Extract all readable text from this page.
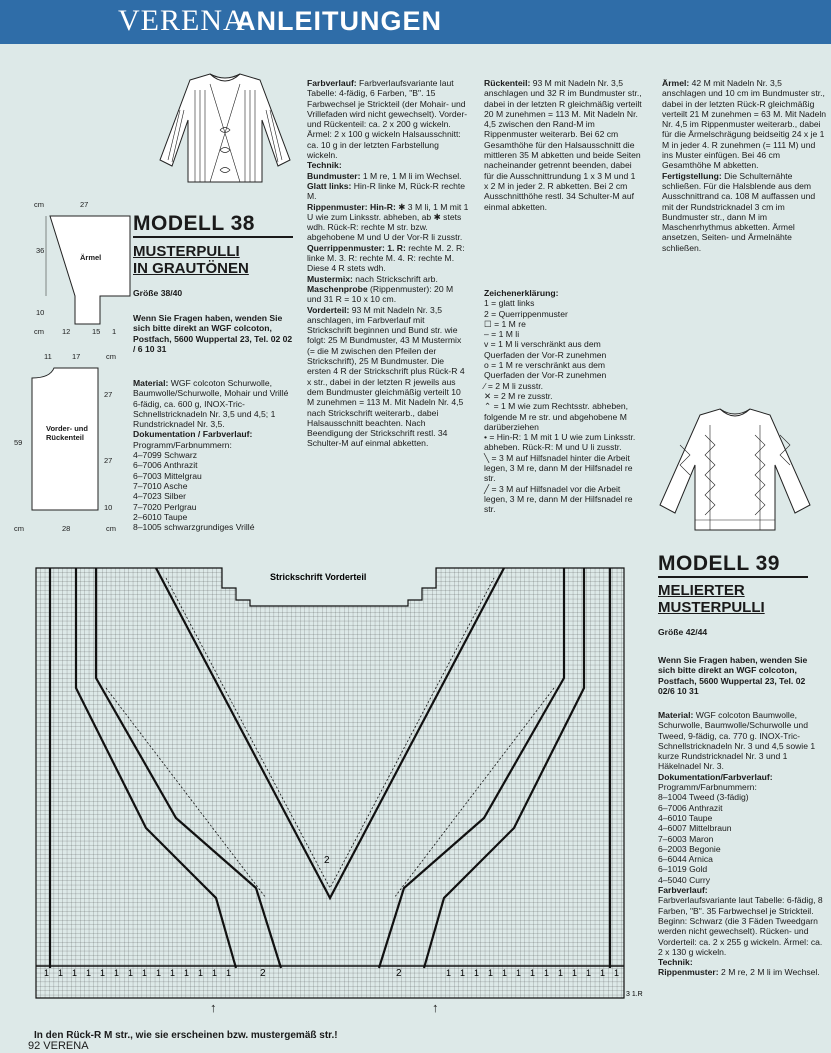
VERENA
ANLEITUNGEN
cm	27
36
Ärmel
10
cm 12	15 1
11	17	cm
27
59
Vorder- und Rückenteil
27
10
cm	28	cm
MODELL 38
MUSTERPULLI
IN GRAUTÖNEN
Größe 38/40
Wenn Sie Fragen haben, wenden Sie sich bitte direkt an WGF colcoton, Postfach, 5600 Wuppertal 23, Tel. 02 02 / 6 10 31

Material: WGF colcoton Schurwolle, Baumwolle/Schurwolle, Mohair und Vrillé 6-fädig, ca. 600 g, INOX-Tric-Schnellstricknadeln Nr. 3,5 und 4,5; 1 Rundstricknadel Nr. 3,5.

Dokumentation / Farbverlauf:

Programm/Farbnummern:

4–7099 Schwarz

6–7006 Anthrazit

6–7003 Mittelgrau

7–7010 Asche

4–7023 Silber

7–7020 Perlgrau

2–6010 Taupe

8–1005 schwarzgrundiges Vrillé

Farbverlauf: Farbverlaufsvariante laut Tabelle: 4-fädig, 6 Farben, "B". 15 Farbwechsel je Strickteil (der Mohair- und Vrillefaden wird nicht gewechselt). Vorder- und Rückenteil: ca. 2 x 200 g wickeln. Ärmel: 2 x 100 g wickeln Halsausschnitt: ca. 10 g in der letzten Farbstellung wickeln.

Technik:

Bundmuster: 1 M re, 1 M li im Wechsel.

Glatt links: Hin-R linke M, Rück-R rechte M.

Rippenmuster: Hin-R: ✱ 3 M li, 1 M mit 1 U wie zum Linksstr. abheben, ab ✱ stets wdh. Rück-R: rechte M str. bzw. abgehobene M und U der Vor-R li zusstr.

Querrippenmuster: 1. R: rechte M. 2. R: linke M. 3. R: rechte M. 4. R: rechte M. Diese 4 R stets wdh.

Mustermix: nach Strickschrift arb.

Maschenprobe (Rippenmuster): 20 M und 31 R = 10 x 10 cm.

Vorderteil: 93 M mit Nadeln Nr. 3,5 anschlagen, im Farbverlauf mit Strickschrift beginnen und Bund str. wie folgt: 25 M Bundmuster, 43 M Mustermix (= die M zwischen den Pfeilen der Strickschrift), 25 M Bundmuster. Die ersten 4 R der Strickschrift plus Rück-R 4 x str., dabei in der letzten R jeweils aus dem Bundmuster gleichmäßig verteilt 10 M zunehmen = 113 M. Mit Nadeln Nr. 4,5 nach Strickschrift weiterarb., dabei Halsausschnitt beachten. Nach Beendigung der Strickschrift restl. 34 Schulter-M auf einmal abketten.

Rückenteil: 93 M mit Nadeln Nr. 3,5 anschlagen und 32 R im Bundmuster str., dabei in der letzten R gleichmäßig verteilt 20 M zunehmen = 113 M. Mit Nadeln Nr. 4,5 zwischen den Rand-M im Rippenmuster weiterarb. Bei 62 cm Gesamthöhe für den Halsausschnitt die mittleren 35 M abketten und beide Seiten nacheinander getrennt beenden, dabei für die Ausschnittrundung 1 x 3 M und 1 x 2 M in jeder 2. R abketten. Bei 2 cm Ausschnitthöhe restl. 34 Schulter-M auf einmal abketten.

Zeichenerklärung:

1 = glatt links

2 = Querrippenmuster

☐ = 1 M re

– = 1 M li

v = 1 M li verschränkt aus dem Querfaden der Vor-R zunehmen

o = 1 M re verschränkt aus dem Querfaden der Vor-R zunehmen

⁄ = 2 M li zusstr.

✕ = 2 M re zusstr.

⌃ = 1 M wie zum Rechtsstr. abheben, folgende M re str. und abgehobene M darüberziehen

• = Hin-R: 1 M mit 1 U wie zum Linksstr. abheben. Rück-R: M und U li zusstr.

╲ = 3 M auf Hilfsnadel hinter die Arbeit legen, 3 M re, dann M der Hilfsnadel re str.

╱ = 3 M auf Hilfsnadel vor die Arbeit legen, 3 M re, dann M der Hilfsnadel re str.

Ärmel: 42 M mit Nadeln Nr. 3,5 anschlagen und 10 cm im Bundmuster str., dabei in der letzten Rück-R gleichmäßig verteilt 21 M zunehmen = 63 M. Mit Nadeln Nr. 4,5 im Rippenmuster weiterarb., dabei für die Ärmelschrägung beidseitig 24 x je 1 M in jeder 4. R zunehmen (= 111 M) und ins Muster einfügen. Bei 46 cm Gesamthöhe M abketten.

Fertigstellung: Die Schulternähte schließen. Für die Halsblende aus dem Ausschnittrand ca. 108 M auffassen und mit der Rundstricknadel 3 cm im Bundmuster str., dann M im Maschenrhythmus abketten. Ärmel ansetzen, Seiten- und Ärmelnähte schließen.

MODELL 39
MELIERTER
MUSTERPULLI
Größe 42/44
Wenn Sie Fragen haben, wenden Sie sich bitte direkt an WGF colcoton, Postfach, 5600 Wuppertal 23, Tel. 02 02/6 10 31

Material: WGF colcoton Baumwolle, Schurwolle, Baumwolle/Schurwolle und Tweed, 9-fädig, ca. 770 g. INOX-Tric-Schnellstricknadeln Nr. 3 und 4,5 sowie 1 kurze Rundstricknadel Nr. 3 und 1 Häkelnadel Nr. 3.

Dokumentation/Farbverlauf:

Programm/Farbnummern:

8–1004 Tweed (3-fädig)

6–7006 Anthrazit

4–6010 Taupe

4–6007 Mittelbraun

7–6003 Maron

6–2003 Begonie

6–6044 Arnica

6–1019 Gold

4–5040 Curry

Farbverlauf:

Farbverlaufsvariante laut Tabelle: 6-fädig, 8 Farben, "B". 35 Farbwechsel je Strickteil. Beginn: Schwarz (die 3 Fäden Tweedgarn werden nicht gewechselt). Rücken- und Vorderteil: ca. 2 x 255 g wickeln. Ärmel: ca. 2 x 130 g wickeln.

Technik:

Rippenmuster: 2 M re, 2 M li im Wechsel.

Strickschrift Vorderteil
2
2	2
1 1 1 1 1 1 1 1 1 1 1 1 1 1	1 1 1 1 1 1 1 1 1 1 1 1 1
3 1.R
↑	↑
In den Rück-R M str., wie sie erscheinen bzw. mustergemäß str.!
92 VERENA
